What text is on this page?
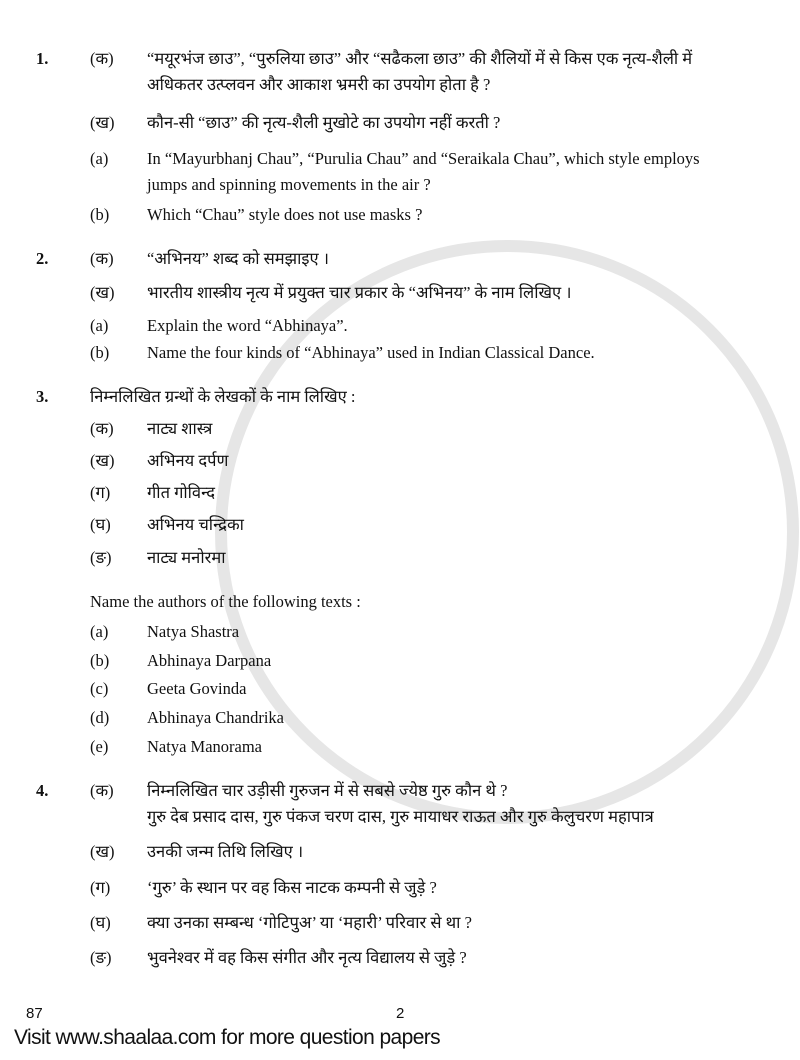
1.	(क) “मयूरभंज छाउ”, “पुरुलिया छाउ” और “सढैकला छाउ” की शैलियों में से किस एक नृत्य-शैली में अधिकतर उत्प्लवन और आकाश भ्रमरी का उपयोग होता है ?
(ख) कौन-सी “छाउ” की नृत्य-शैली मुखोटे का उपयोग नहीं करती ?
(a) In “Mayurbhanj Chau”, “Purulia Chau” and “Seraikala Chau”, which style employs jumps and spinning movements in the air ?
(b) Which “Chau” style does not use masks ?
2.	(क) “अभिनय” शब्द को समझाइए ।
(ख) भारतीय शास्त्रीय नृत्य में प्रयुक्त चार प्रकार के “अभिनय” के नाम लिखिए ।
(a) Explain the word “Abhinaya”.
(b) Name the four kinds of “Abhinaya” used in Indian Classical Dance.
3.	निम्नलिखित ग्रन्थों के लेखकों के नाम लिखिए :
(क) नाट्य शास्त्र
(ख) अभिनय दर्पण
(ग) गीत गोविन्द
(घ) अभिनय चन्द्रिका
(ङ) नाट्य मनोरमा
Name the authors of the following texts :
(a) Natya Shastra
(b) Abhinaya Darpana
(c) Geeta Govinda
(d) Abhinaya Chandrika
(e) Natya Manorama
4.	(क) निम्नलिखित चार उड़ीसी गुरुजन में से सबसे ज्येष्ठ गुरु कौन थे ?
गुरु देब प्रसाद दास, गुरु पंकज चरण दास, गुरु मायाधर राऊत और गुरु केलुचरण महापात्र
(ख) उनकी जन्म तिथि लिखिए ।
(ग) ‘गुरु’ के स्थान पर वह किस नाटक कम्पनी से जुड़े ?
(घ) क्या उनका सम्बन्ध ‘गोटिपुअ’ या ‘महारी’ परिवार से था ?
(ङ) भुवनेश्वर में वह किस संगीत और नृत्य विद्यालय से जुड़े ?
87	2
Visit www.shaalaa.com for more question papers
